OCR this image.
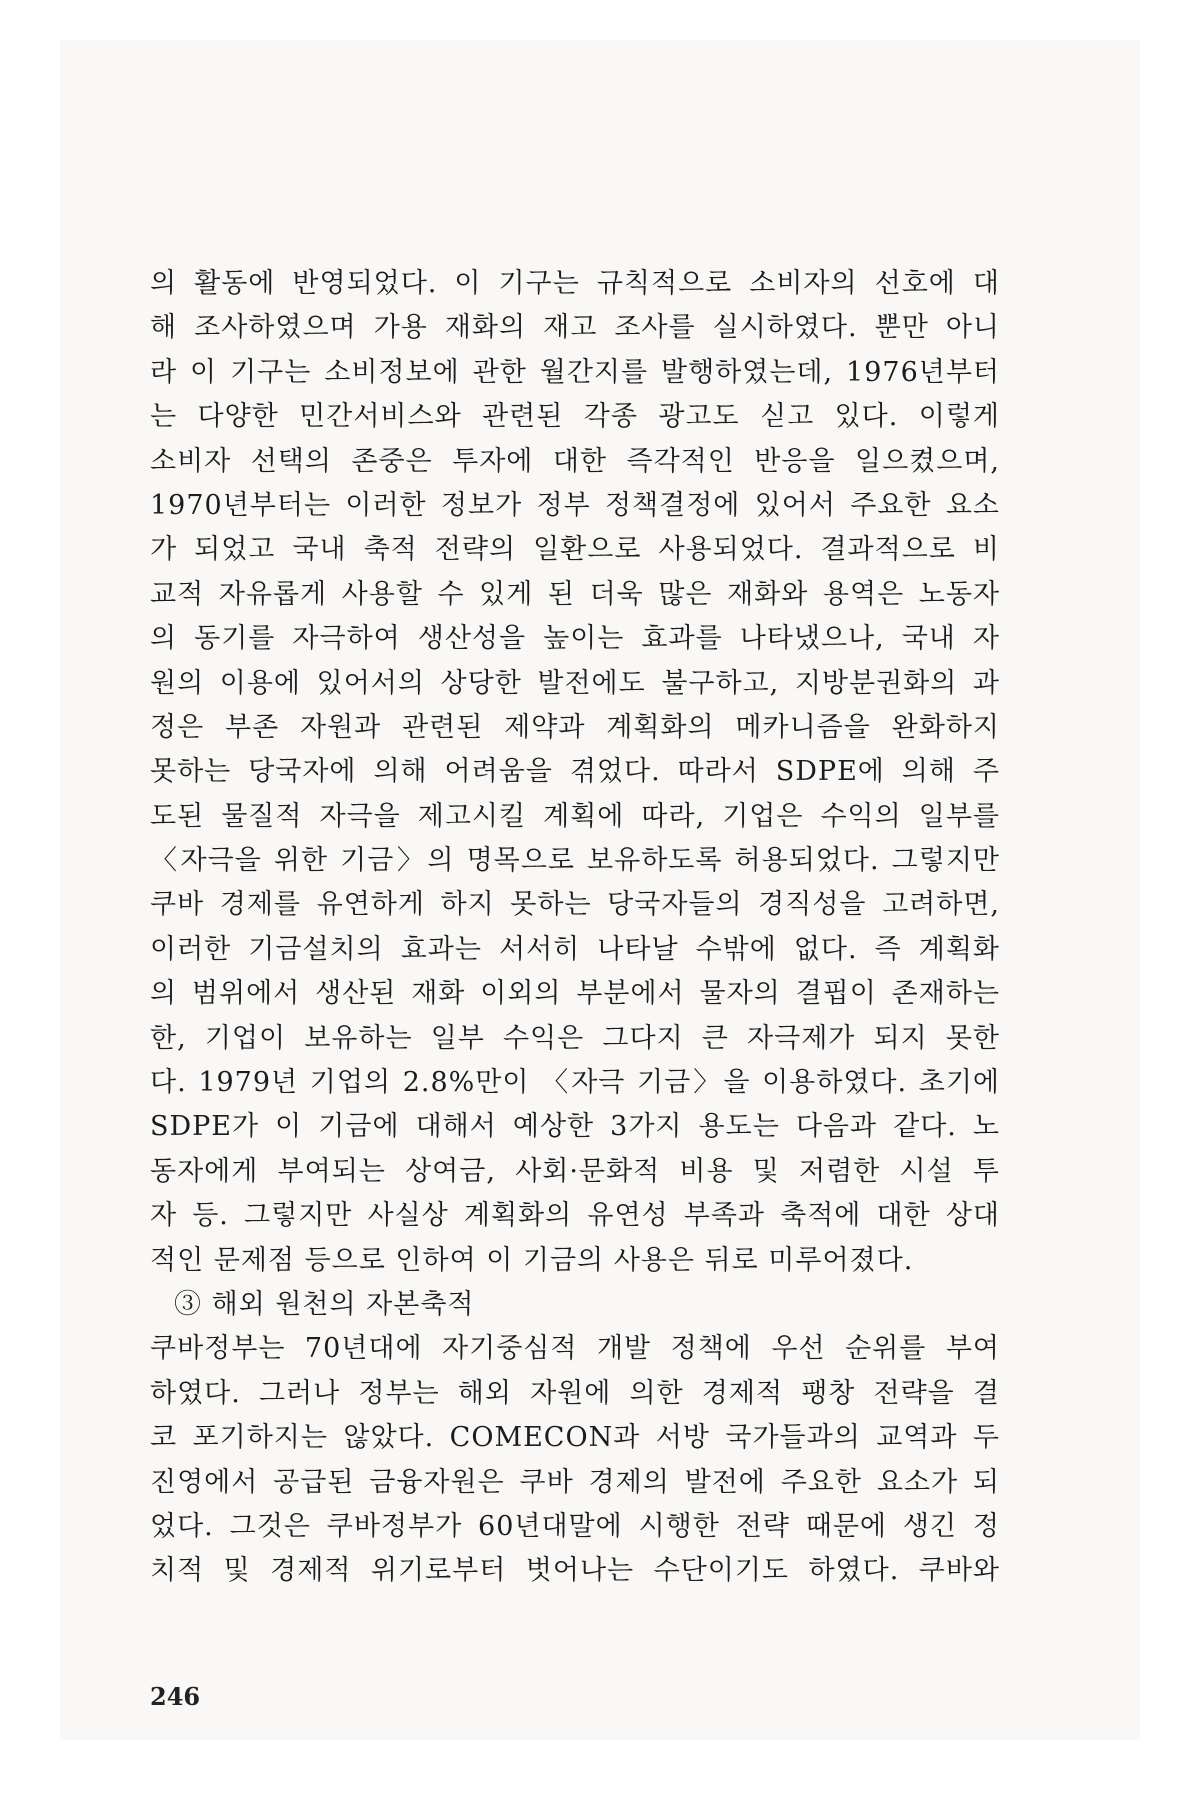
의 활동에 반영되었다. 이 기구는 규칙적으로 소비자의 선호에 대
해 조사하였으며 가용 재화의 재고 조사를 실시하였다. 뿐만 아니
라 이 기구는 소비정보에 관한 월간지를 발행하였는데, 1976년부터
는 다양한 민간서비스와 관련된 각종 광고도 싣고 있다. 이렇게
소비자 선택의 존중은 투자에 대한 즉각적인 반응을 일으켰으며,
1970년부터는 이러한 정보가 정부 정책결정에 있어서 주요한 요소
가 되었고 국내 축적 전략의 일환으로 사용되었다. 결과적으로 비
교적 자유롭게 사용할 수 있게 된 더욱 많은 재화와 용역은 노동자
의 동기를 자극하여 생산성을 높이는 효과를 나타냈으나, 국내 자
원의 이용에 있어서의 상당한 발전에도 불구하고, 지방분권화의 과
정은 부존 자원과 관련된 제약과 계획화의 메카니즘을 완화하지
못하는 당국자에 의해 어려움을 겪었다. 따라서 SDPE에 의해 주
도된 물질적 자극을 제고시킬 계획에 따라, 기업은 수익의 일부를
〈자극을 위한 기금〉의 명목으로 보유하도록 허용되었다. 그렇지만
쿠바 경제를 유연하게 하지 못하는 당국자들의 경직성을 고려하면,
이러한 기금설치의 효과는 서서히 나타날 수밖에 없다. 즉 계획화
의 범위에서 생산된 재화 이외의 부분에서 물자의 결핍이 존재하는
한, 기업이 보유하는 일부 수익은 그다지 큰 자극제가 되지 못한
다. 1979년 기업의 2.8%만이 〈자극 기금〉을 이용하였다. 초기에
SDPE가 이 기금에 대해서 예상한 3가지 용도는 다음과 같다. 노
동자에게 부여되는 상여금, 사회·문화적 비용 및 저렴한 시설 투
자 등. 그렇지만 사실상 계획화의 유연성 부족과 축적에 대한 상대
적인 문제점 등으로 인하여 이 기금의 사용은 뒤로 미루어졌다.
③ 해외 원천의 자본축적
쿠바정부는 70년대에 자기중심적 개발 정책에 우선 순위를 부여
하였다. 그러나 정부는 해외 자원에 의한 경제적 팽창 전략을 결
코 포기하지는 않았다. COMECON과 서방 국가들과의 교역과 두
진영에서 공급된 금융자원은 쿠바 경제의 발전에 주요한 요소가 되
었다. 그것은 쿠바정부가 60년대말에 시행한 전략 때문에 생긴 정
치적 및 경제적 위기로부터 벗어나는 수단이기도 하였다. 쿠바와
246
